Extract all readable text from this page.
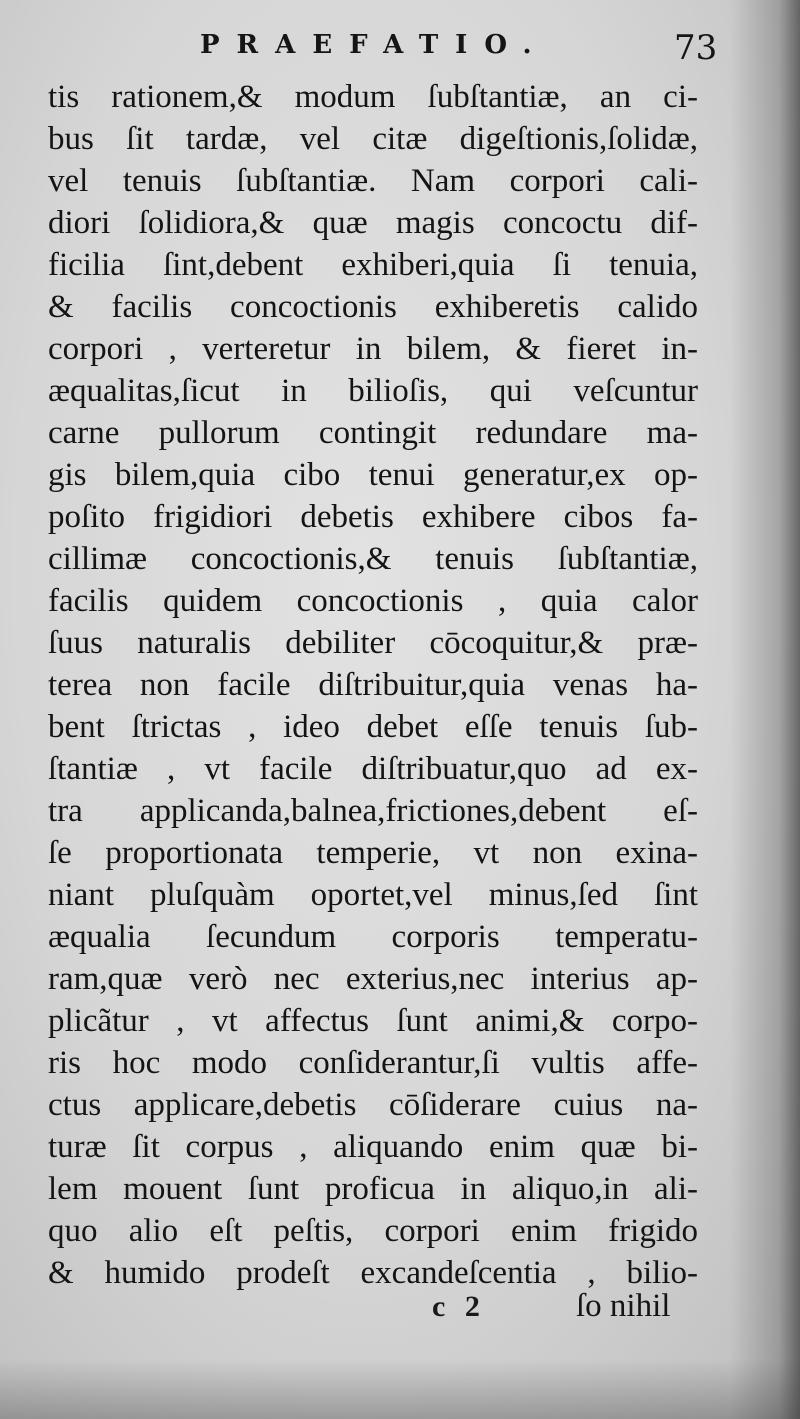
PRAEFATIO.	73
tis rationem,& modum ſubſtantiæ, an ci-
bus ſit tardæ, vel citæ digeſtionis,ſolidæ,
vel tenuis ſubſtantiæ. Nam corpori cali-
diori ſolidiora,& quæ magis concoctu dif-
ficilia ſint,debent exhiberi,quia ſi tenuia,
& facilis concoctionis exhiberetis calido
corpori , verteretur in bilem, & fieret in-
æqualitas,ſicut in bilioſis, qui veſcuntur
carne pullorum contingit redundare ma-
gis bilem,quia cibo tenui generatur,ex op-
poſito frigidiori debetis exhibere cibos fa-
cillimæ concoctionis,& tenuis ſubſtantiæ,
facilis quidem concoctionis , quia calor
ſuus naturalis debiliter cōcoquitur,& præ-
terea non facile diſtribuitur,quia venas ha-
bent ſtrictas , ideo debet eſſe tenuis ſub-
ſtantiæ , vt facile diſtribuatur,quo ad ex-
tra applicanda,balnea,frictiones,debent eſ-
ſe proportionata temperie, vt non exina-
niant pluſquàm oportet,vel minus,ſed ſint
æqualia ſecundum corporis temperatu-
ram,quæ verò nec exterius,nec interius ap-
plicãtur , vt affectus ſunt animi,& corpo-
ris hoc modo conſiderantur,ſi vultis affe-
ctus applicare,debetis cōſiderare cuius na-
turæ ſit corpus , aliquando enim quæ bi-
lem mouent ſunt proficua in aliquo,in ali-
quo alio eſt peſtis, corpori enim frigido
& humido prodeſt excandeſcentia , bilio-
c 2	ſo nihil
